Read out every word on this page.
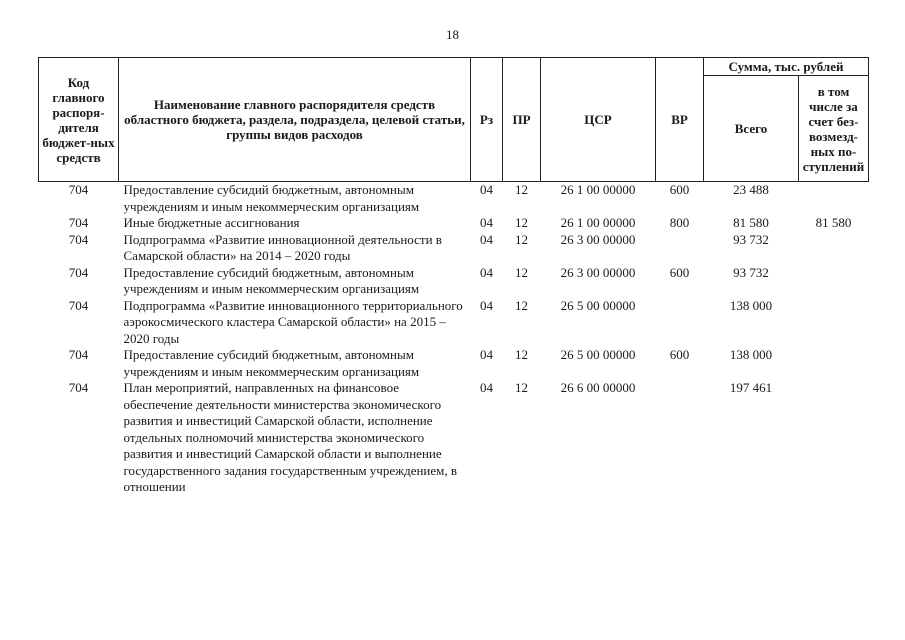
18
Код главного распоря-дителя бюджет-ных средств	Наименование главного распорядителя средств областного бюджета, раздела, подраздела, целевой статьи, группы видов расходов	Рз	ПР	ЦСР	ВР	Сумма, тыс. рублей	
						Всего	в том числе за счет без-возмезд-ных по-ступлений
704	Предоставление субсидий бюджетным, автономным учреждениям и иным некоммерческим организациям	04	12	26 1 00 00000	600	23 488	
704	Иные бюджетные ассигнования	04	12	26 1 00 00000	800	81 580	81 580
704	Подпрограмма «Развитие инновационной деятельности в Самарской области» на 2014 – 2020 годы	04	12	26 3 00 00000		93 732	
704	Предоставление субсидий бюджетным, автономным учреждениям и иным некоммерческим организациям	04	12	26 3 00 00000	600	93 732	
704	Подпрограмма «Развитие инновационного территориального аэрокосмического кластера Самарской области» на 2015 – 2020 годы	04	12	26 5 00 00000		138 000	
704	Предоставление субсидий бюджетным, автономным учреждениям и иным некоммерческим организациям	04	12	26 5 00 00000	600	138 000	
704	План мероприятий, направленных на финансовое обеспечение деятельности министерства экономического развития и инвестиций Самарской области, исполнение отдельных полномочий министерства экономического развития и инвестиций Самарской области и выполнение государственного задания государственным учреждением, в отношении	04	12	26 6 00 00000		197 461	
